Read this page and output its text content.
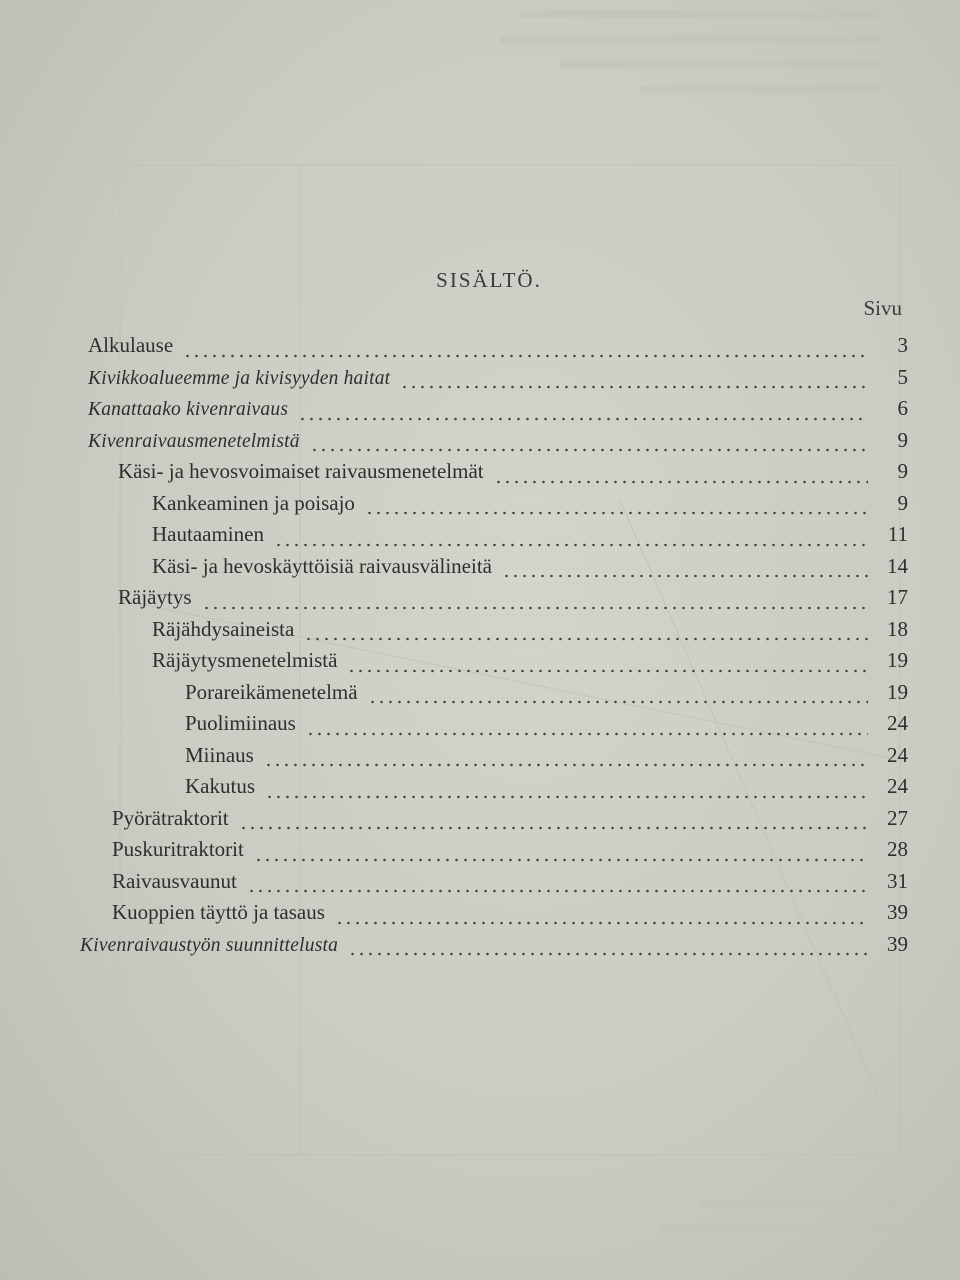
SISÄLTÖ.
Sivu
Alkulause	3
Kivikkoalueemme ja kivisyyden haitat	5
Kanattaako kivenraivaus	6
Kivenraivausmenetelmistä	9
Käsi- ja hevosvoimaiset raivausmenetelmät	9
Kankeaminen ja poisajo	9
Hautaaminen	11
Käsi- ja hevoskäyttöisiä raivausvälineitä	14
Räjäytys	17
Räjähdysaineista	18
Räjäytysmenetelmistä	19
Porareikämenetelmä	19
Puolimiinaus	24
Miinaus	24
Kakutus	24
Pyörätraktorit	27
Puskuritraktorit	28
Raivausvaunut	31
Kuoppien täyttö ja tasaus	39
Kivenraivaustyön suunnittelusta	39
